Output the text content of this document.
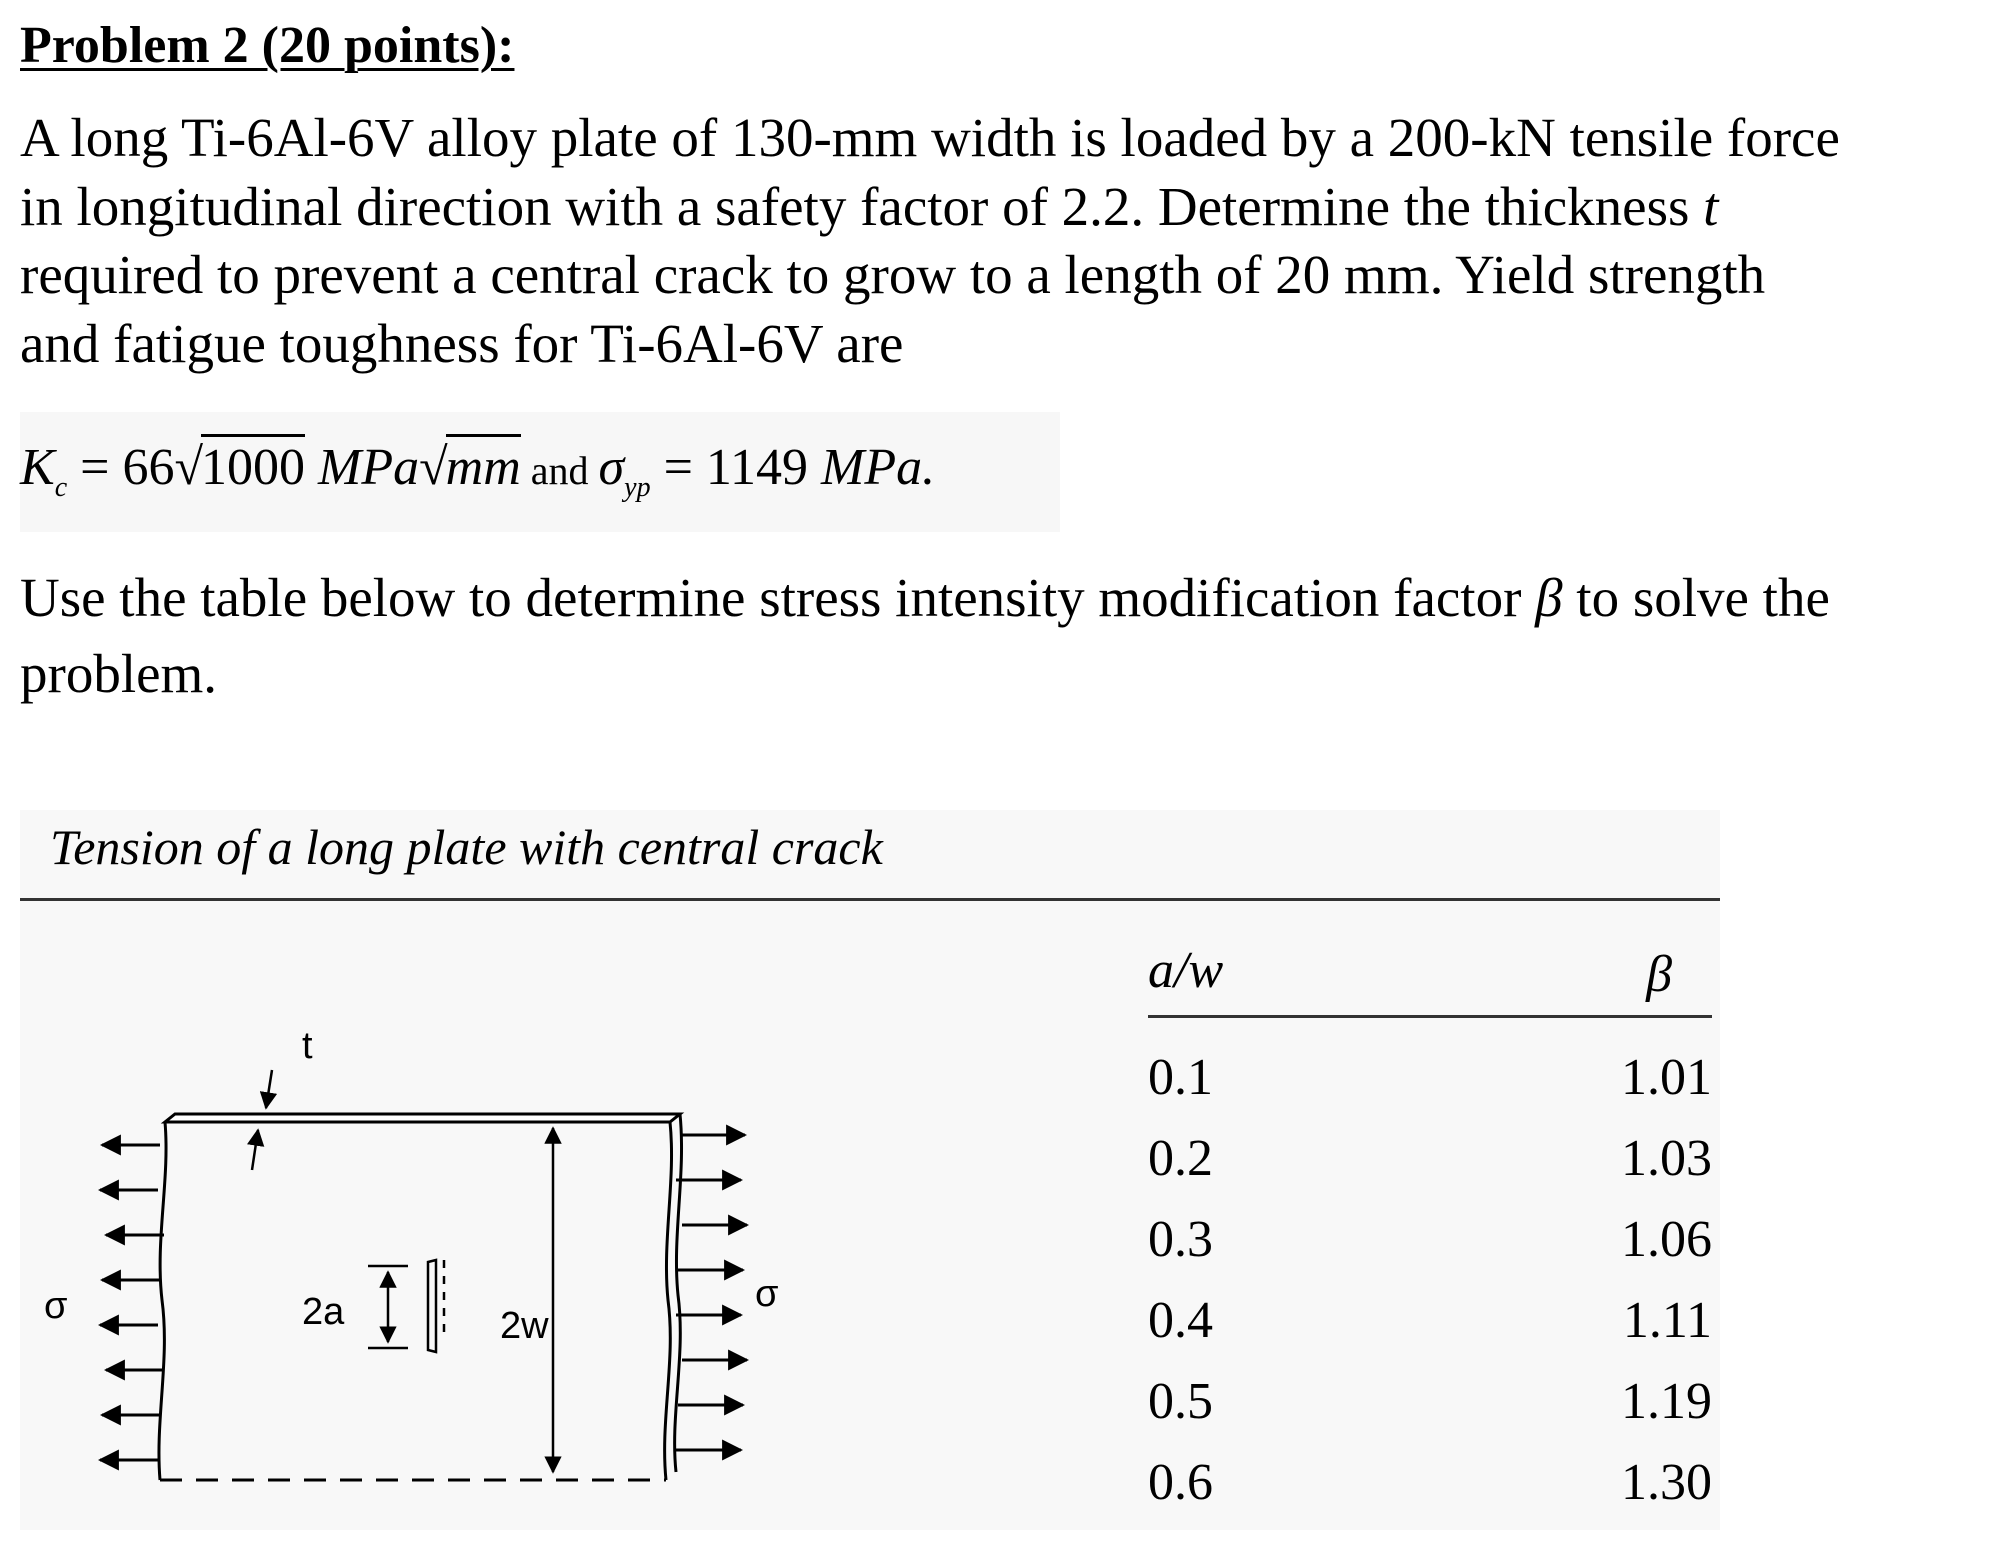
Problem 2 (20 points):

A long Ti-6Al-6V alloy plate of 130-mm width is loaded by a 200-kN tensile force

in longitudinal direction with a safety factor of 2.2. Determine the thickness t

required to prevent a central crack to grow to a length of 20 mm. Yield strength

and fatigue toughness for Ti-6Al-6V are

$K_c = 66√1000$ MPa√mm and $\sigma_{yp} = 1149$ MPa.

Use the table below to determine stress intensity modification factor β to solve the

problem.

Tension of a long plate with central crack
t
σ	σ
2a	2w
a/w	β
0.1	1.01
0.2	1.03
0.3	1.06
0.4	1.11
0.5	1.19
0.6	1.30
